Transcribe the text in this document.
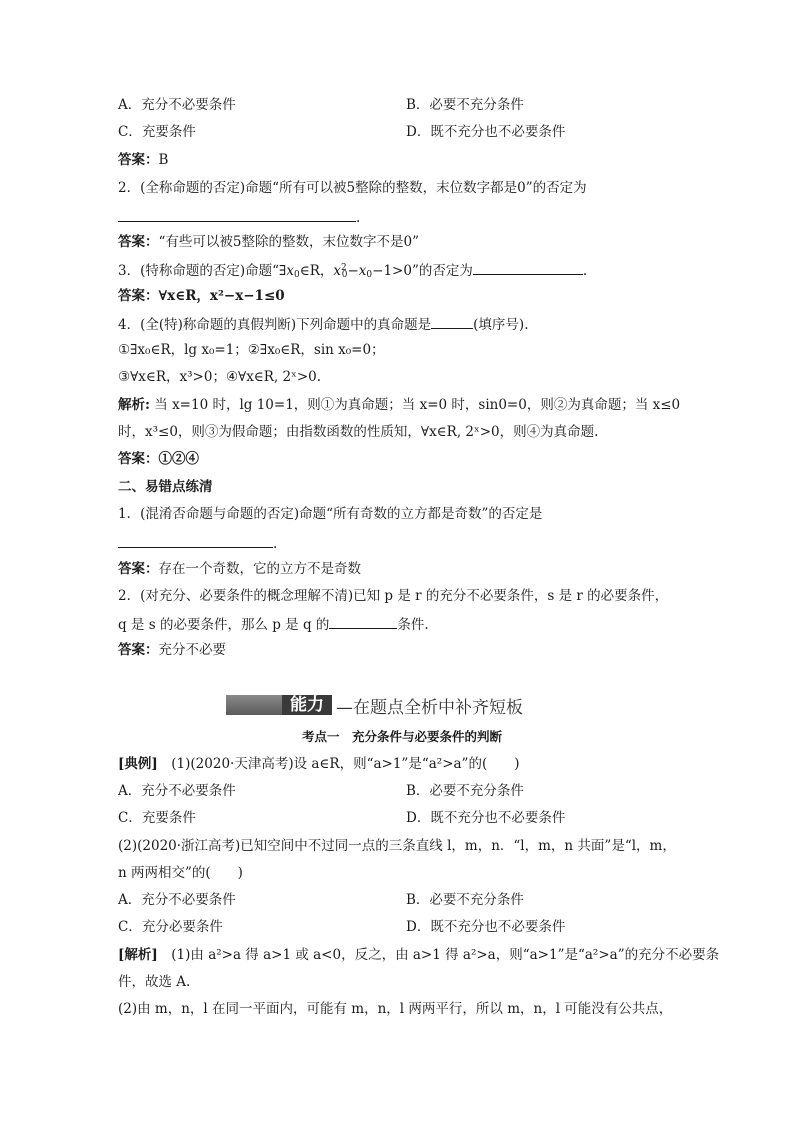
A．充分不必要条件	B．必要不充分条件
C．充要条件	D．既不充分也不必要条件
答案：B
2．(全称命题的否定)命题“所有可以被5整除的整数，末位数字都是0”的否定为
.
答案：“有些可以被5整除的整数，末位数字不是0”
3．(特称命题的否定)命题“$\exists x_0\in R$，$x^2_0-x_0-1>0$”的否定为	.
答案：∀x∈R，x²−x−1≤0
4．(全(特)称命题的真假判断)下列命题中的真命题是	(填序号).
①∃x₀∈R，lg x₀=1；②∃x₀∈R，sin x₀=0；
③∀x∈R，x³>0；④∀x∈R, 2ˣ>0.
解析: 当 x=10 时，lg 10=1，则①为真命题；当 x=0 时，sin0=0，则②为真命题；当 x≤0
时，x³≤0，则③为假命题；由指数函数的性质知，∀x∈R, 2ˣ>0，则④为真命题.
答案：①②④
二、易错点练清
1．(混淆否命题与命题的否定)命题“所有奇数的立方都是奇数”的否定是
.
答案：存在一个奇数，它的立方不是奇数
2．(对充分、必要条件的概念理解不清)已知 p 是 r 的充分不必要条件，s 是 r 的必要条件，
q 是 s 的必要条件，那么 p 是 q 的	条件.
答案：充分不必要
能力 —在题点全析中补齐短板
考点一　充分条件与必要条件的判断
[典例]　 (1)(2020·天津高考)设 a∈R，则“a>1”是“a²>a”的(　　)
A．充分不必要条件	B．必要不充分条件
C．充要条件	D．既不充分也不必要条件
(2)(2020·浙江高考)已知空间中不过同一点的三条直线 l，m，n．“l，m，n 共面”是“l，m，
n 两两相交”的(　　)
A．充分不必要条件	B．必要不充分条件
C．充分必要条件	D．既不充分也不必要条件
[解析]　 (1)由 a²>a 得 a>1 或 a<0，反之，由 a>1 得 a²>a，则“a>1”是“a²>a”的充分不必要条
件，故选 A.
(2)由 m，n，l 在同一平面内，可能有 m，n，l 两两平行，所以 m，n，l 可能没有公共点，
